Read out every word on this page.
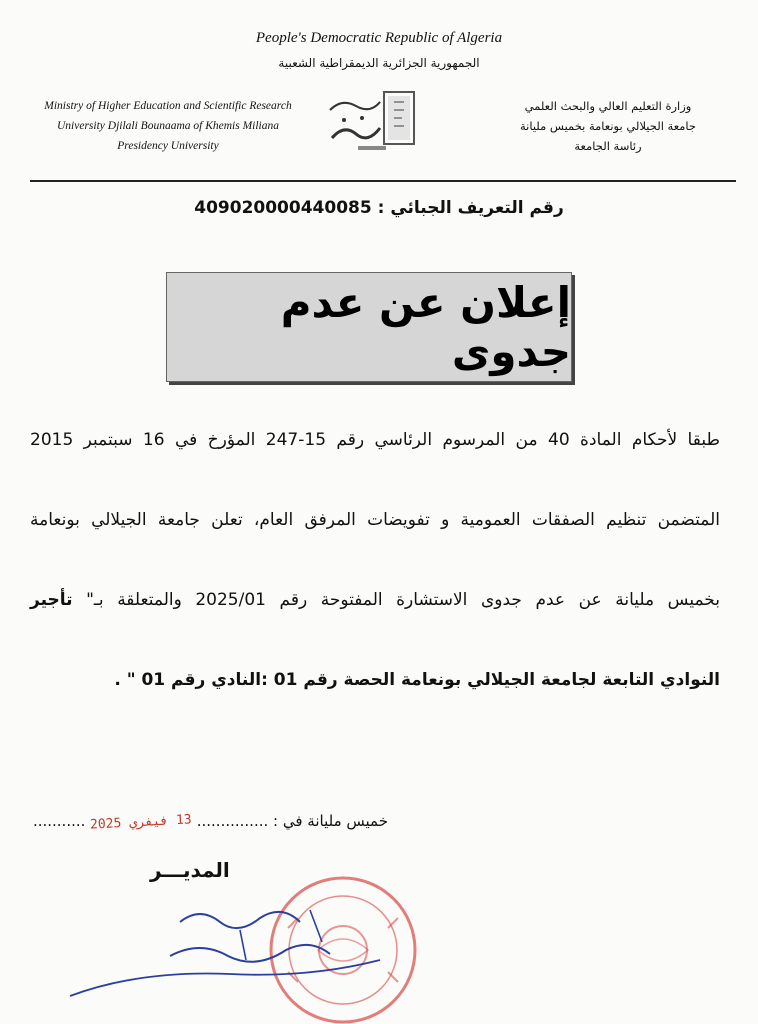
People's Democratic Republic of Algeria
الجمهورية الجزائرية الديمقراطية الشعبية
Ministry of Higher Education and Scientific Research
University Djilali Bounaama of Khemis Miliana
Presidency University
وزارة التعليم العالي والبحث العلمي
جامعة الجيلالي بونعامة بخميس مليانة
رئاسة الجامعة
رقم التعريف الجبائي : 409020000440085
إعلان عن عدم جدوى
طبقا لأحكام المادة 40 من المرسوم الرئاسي رقم 15-247 المؤرخ في 16 سبتمبر 2015
المتضمن تنظيم الصفقات العمومية و تفويضات المرفق العام، تعلن جامعة الجيلالي بونعامة
بخميس مليانة عن عدم جدوى الاستشارة المفتوحة رقم 2025/01 والمتعلقة بـ" تأجير
النوادي التابعة لجامعة الجيلالي بونعامة الحصة رقم 01 :النادي رقم 01 " .
خميس مليانة في : ............... 13 فيفري 2025 ...........
المديـــر
